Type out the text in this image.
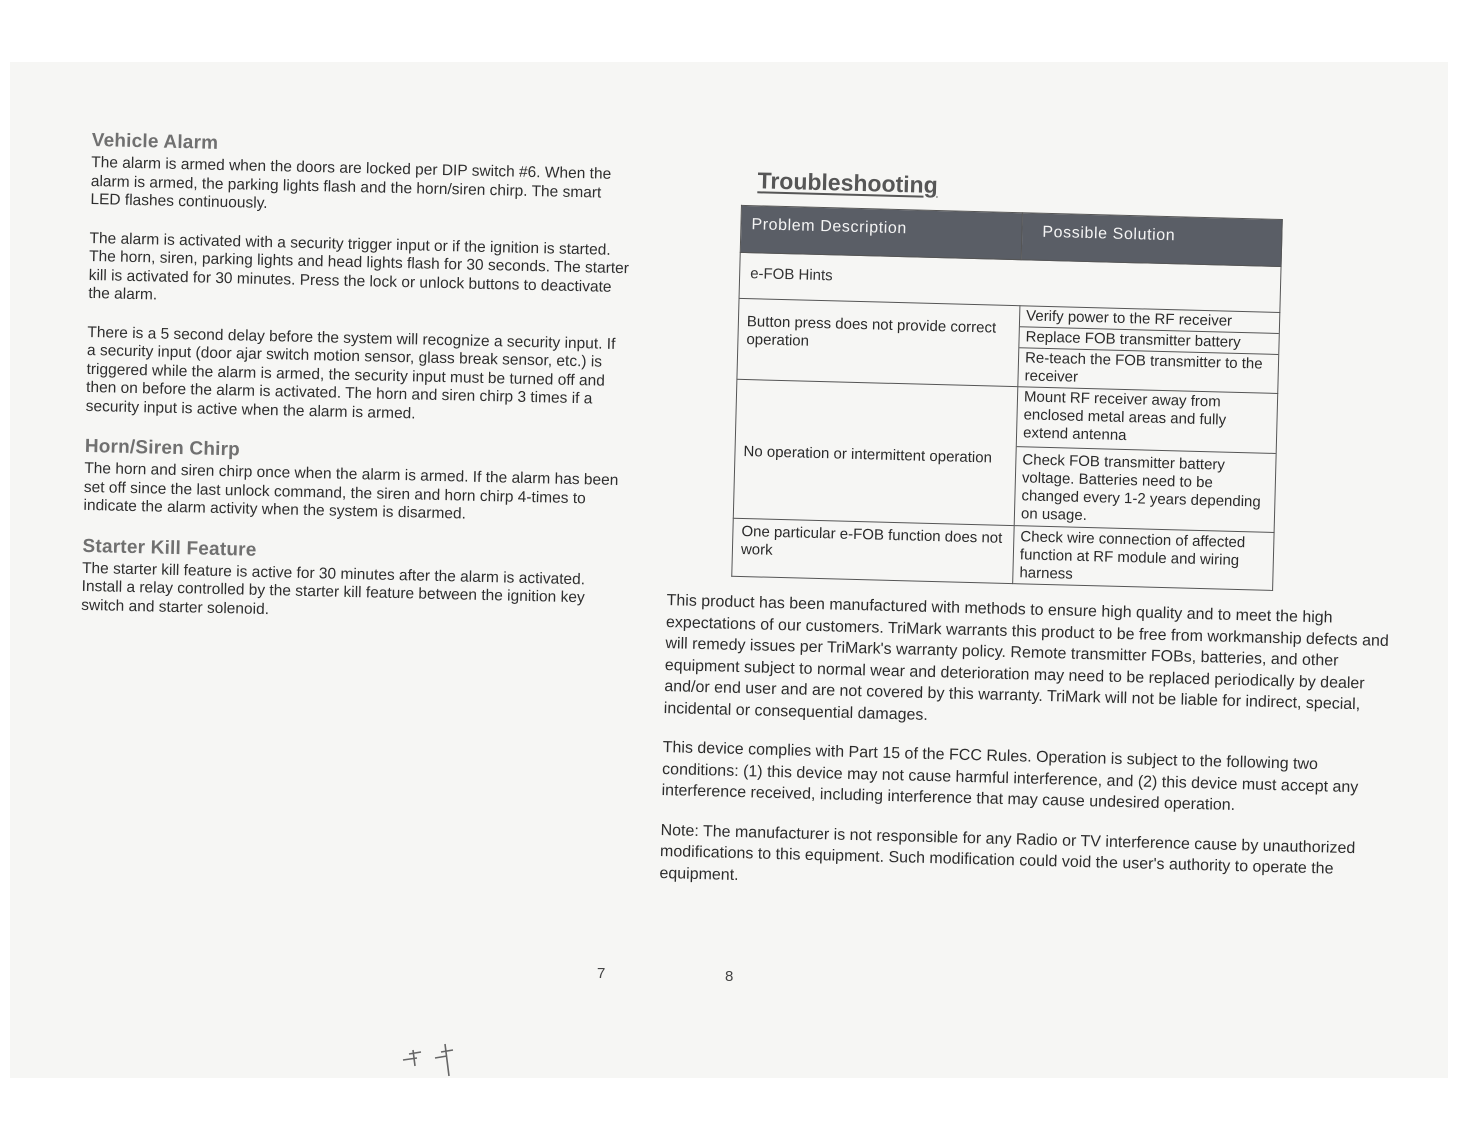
Vehicle Alarm

The alarm is armed when the doors are locked per DIP switch #6. When the alarm is armed, the parking lights flash and the horn/siren chirp. The smart LED flashes continuously.

The alarm is activated with a security trigger input or if the ignition is started. The horn, siren, parking lights and head lights flash for 30 seconds. The starter kill is activated for 30 minutes. Press the lock or unlock buttons to deactivate the alarm.

There is a 5 second delay before the system will recognize a security input. If a security input (door ajar switch motion sensor, glass break sensor, etc.) is triggered while the alarm is armed, the security input must be turned off and then on before the alarm is activated. The horn and siren chirp 3 times if a security input is active when the alarm is armed.

Horn/Siren Chirp

The horn and siren chirp once when the alarm is armed. If the alarm has been set off since the last unlock command, the siren and horn chirp 4-times to indicate the alarm activity when the system is disarmed.

Starter Kill Feature

The starter kill feature is active for 30 minutes after the alarm is activated. Install a relay controlled by the starter kill feature between the ignition key switch and starter solenoid.

7
Troubleshooting
Problem Description	Possible Solution
e-FOB Hints	
Button press does not provide correct operation	Verify power to the RF receiver
Replace FOB transmitter battery
Re-teach the FOB transmitter to the receiver

No operation or intermittent operation	Mount RF receiver away from enclosed metal areas and fully extend antenna
Check FOB transmitter battery voltage. Batteries need to be changed every 1-2 years depending on usage.

One particular e-FOB function does not work	Check wire connection of affected function at RF module and wiring harness

This product has been manufactured with methods to ensure high quality and to meet the high expectations of our customers. TriMark warrants this product to be free from workmanship defects and will remedy issues per TriMark's warranty policy. Remote transmitter FOBs, batteries, and other equipment subject to normal wear and deterioration may need to be replaced periodically by dealer and/or end user and are not covered by this warranty. TriMark will not be liable for indirect, special, incidental or consequential damages.

This device complies with Part 15 of the FCC Rules. Operation is subject to the following two conditions: (1) this device may not cause harmful interference, and (2) this device must accept any interference received, including interference that may cause undesired operation.

Note: The manufacturer is not responsible for any Radio or TV interference cause by unauthorized modifications to this equipment. Such modification could void the user's authority to operate the equipment.

8
